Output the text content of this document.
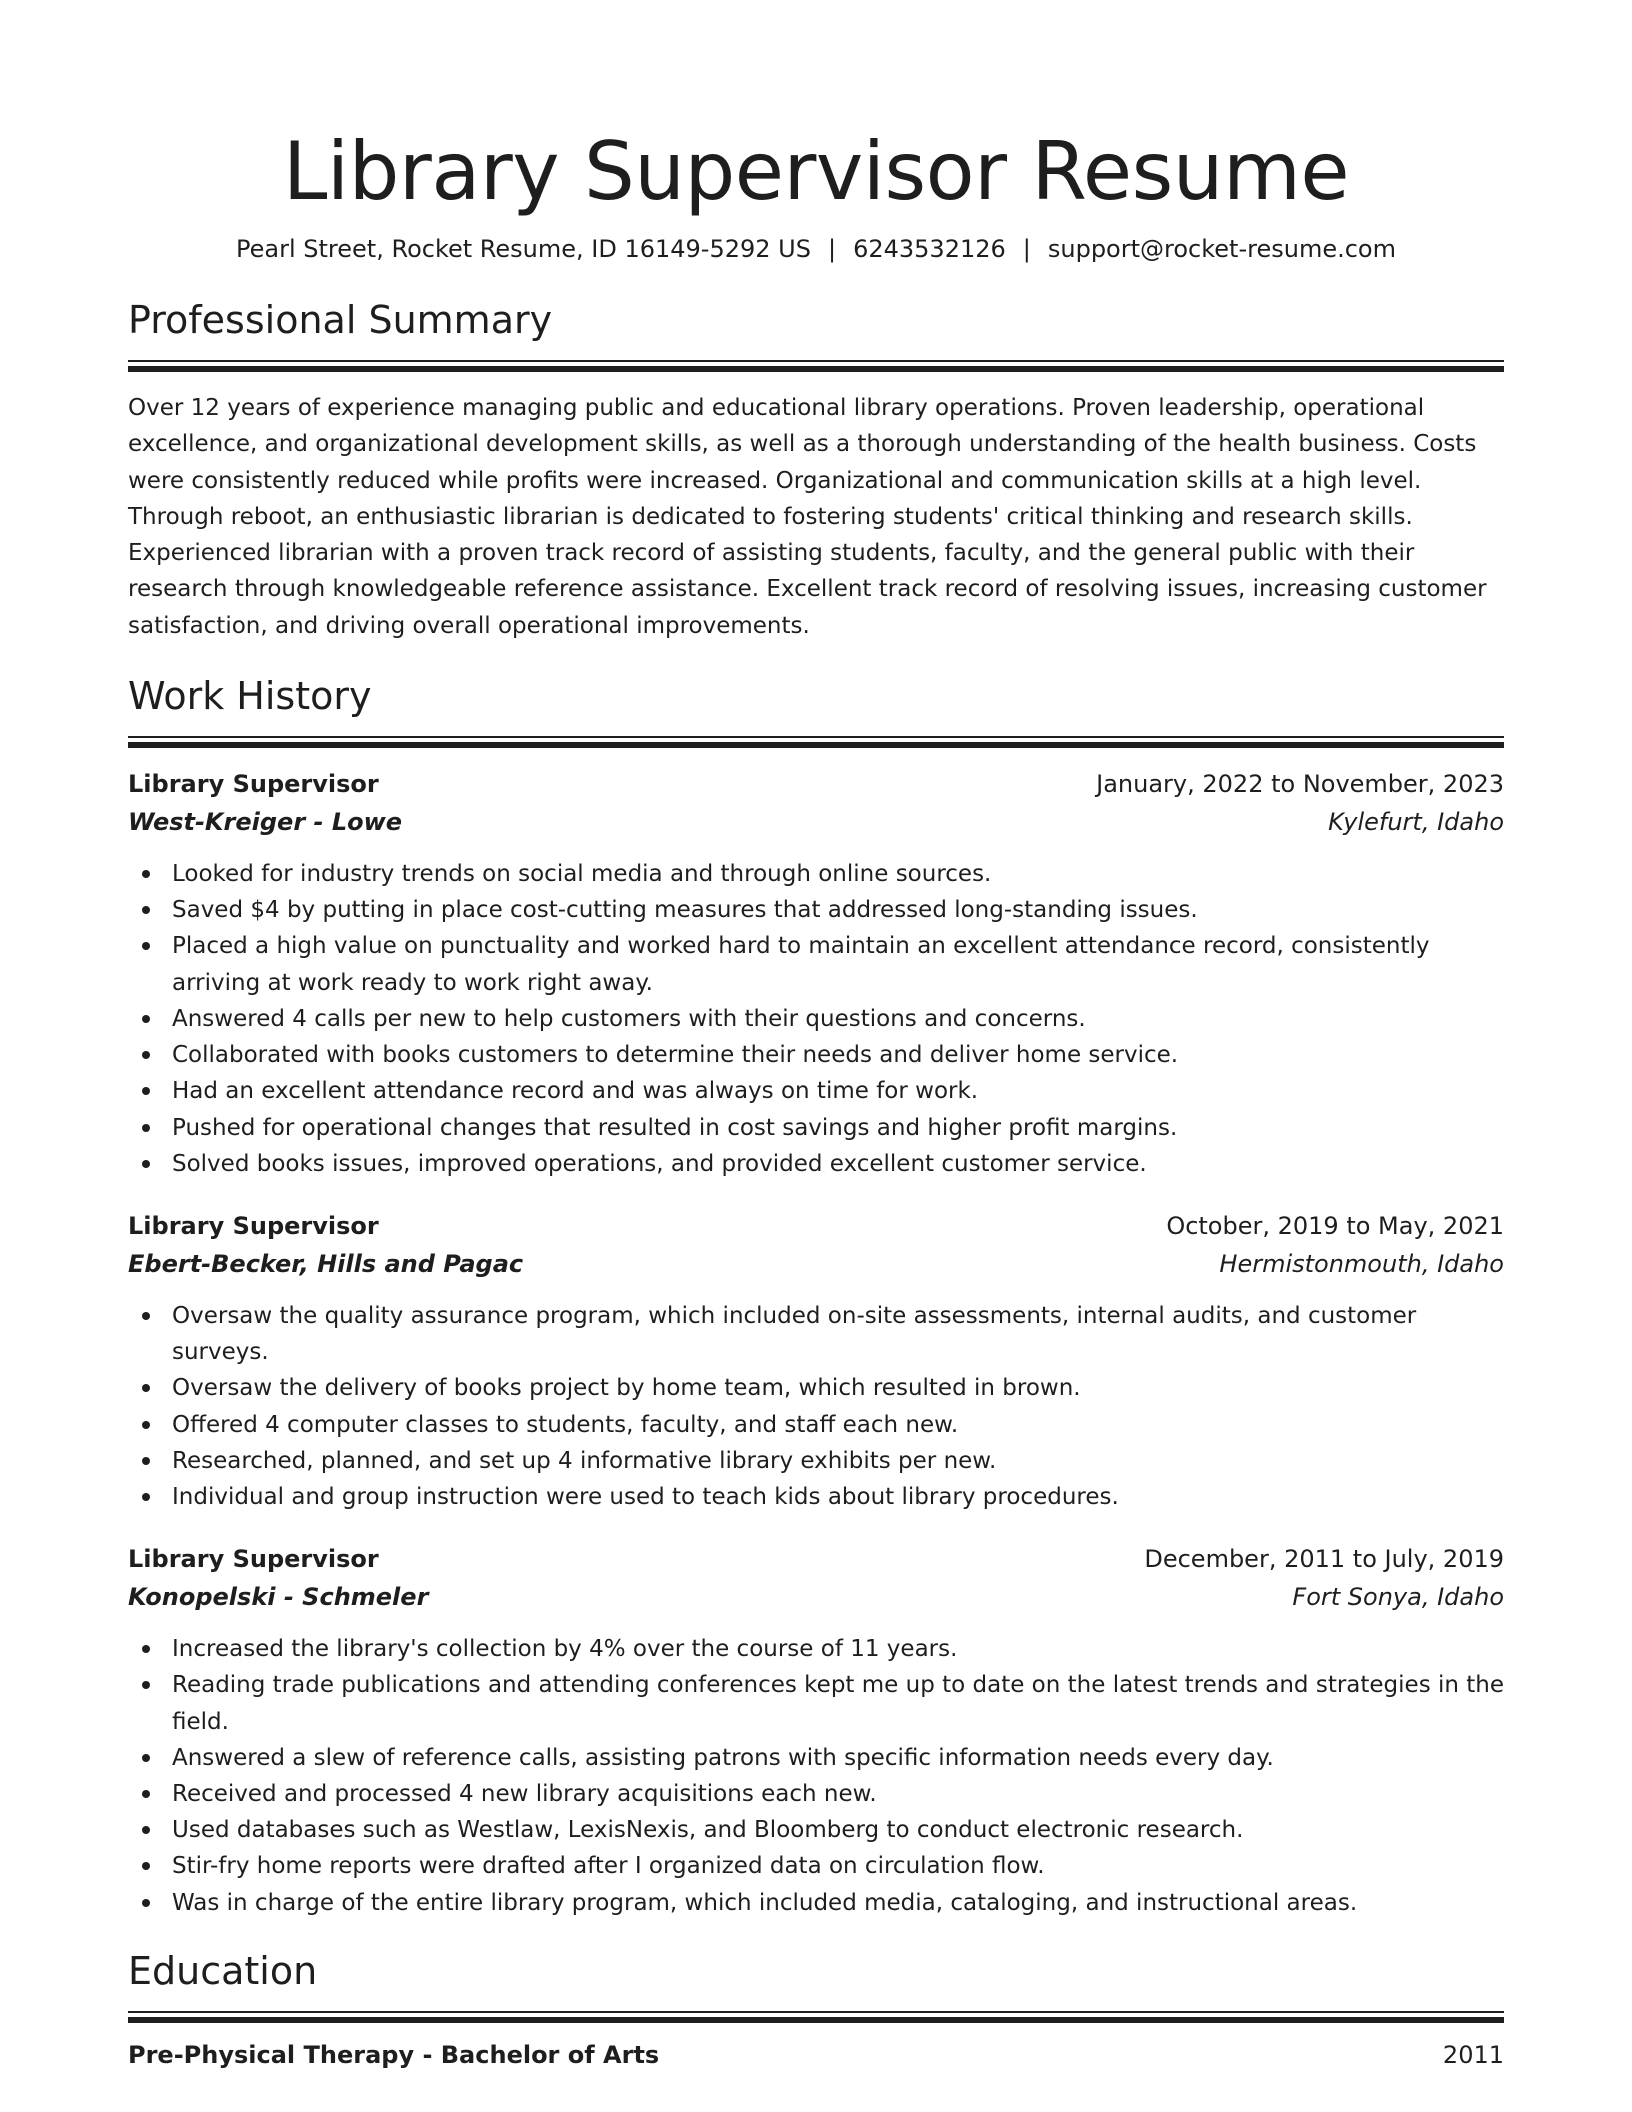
Library Supervisor Resume
Pearl Street, Rocket Resume, ID 16149-5292 US | 6243532126 | support@rocket-resume.com
Professional Summary
Over 12 years of experience managing public and educational library operations. Proven leadership, operational
excellence, and organizational development skills, as well as a thorough understanding of the health business. Costs
were consistently reduced while profits were increased. Organizational and communication skills at a high level.
Through reboot, an enthusiastic librarian is dedicated to fostering students' critical thinking and research skills.
Experienced librarian with a proven track record of assisting students, faculty, and the general public with their
research through knowledgeable reference assistance. Excellent track record of resolving issues, increasing customer
satisfaction, and driving overall operational improvements.
Work History
Library Supervisor	January, 2022 to November, 2023
West-Kreiger - Lowe	Kylefurt, Idaho
Looked for industry trends on social media and through online sources.
Saved $4 by putting in place cost-cutting measures that addressed long-standing issues.
Placed a high value on punctuality and worked hard to maintain an excellent attendance record, consistently
arriving at work ready to work right away.
Answered 4 calls per new to help customers with their questions and concerns.
Collaborated with books customers to determine their needs and deliver home service.
Had an excellent attendance record and was always on time for work.
Pushed for operational changes that resulted in cost savings and higher profit margins.
Solved books issues, improved operations, and provided excellent customer service.
Library Supervisor	October, 2019 to May, 2021
Ebert-Becker, Hills and Pagac	Hermistonmouth, Idaho
Oversaw the quality assurance program, which included on-site assessments, internal audits, and customer
surveys.
Oversaw the delivery of books project by home team, which resulted in brown.
Offered 4 computer classes to students, faculty, and staff each new.
Researched, planned, and set up 4 informative library exhibits per new.
Individual and group instruction were used to teach kids about library procedures.
Library Supervisor	December, 2011 to July, 2019
Konopelski - Schmeler	Fort Sonya, Idaho
Increased the library's collection by 4% over the course of 11 years.
Reading trade publications and attending conferences kept me up to date on the latest trends and strategies in the
field.
Answered a slew of reference calls, assisting patrons with specific information needs every day.
Received and processed 4 new library acquisitions each new.
Used databases such as Westlaw, LexisNexis, and Bloomberg to conduct electronic research.
Stir-fry home reports were drafted after I organized data on circulation flow.
Was in charge of the entire library program, which included media, cataloging, and instructional areas.
Education
Pre-Physical Therapy - Bachelor of Arts	2011
